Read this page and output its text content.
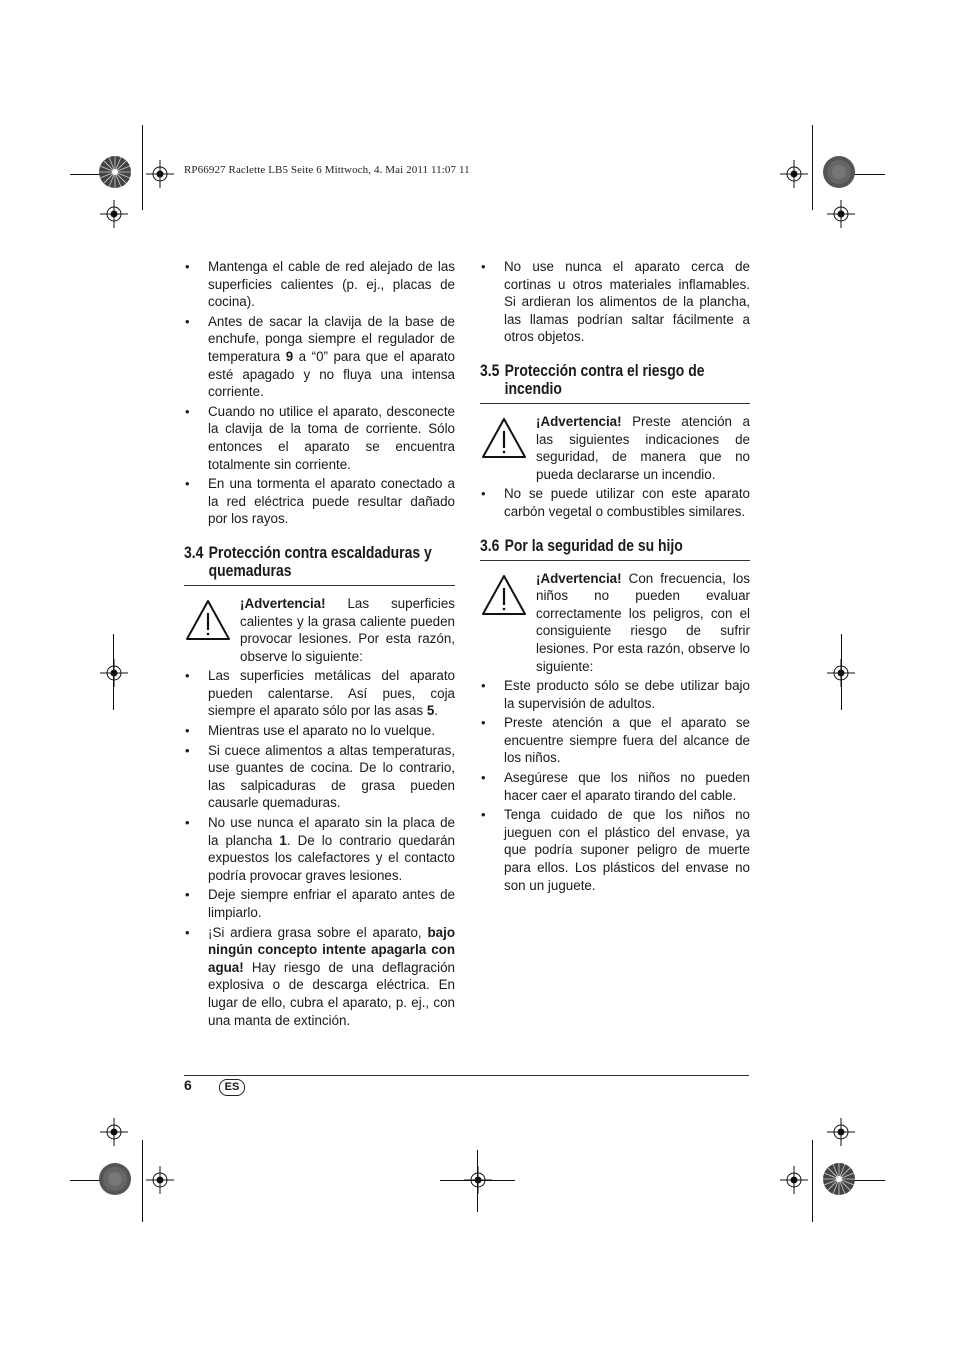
RP66927 Raclette LB5 Seite 6 Mittwoch, 4. Mai 2011 11:07 11
• Mantenga el cable de red alejado de las superficies calientes (p. ej., placas de cocina).
• Antes de sacar la clavija de la base de enchufe, ponga siempre el regulador de temperatura 9 a “0” para que el aparato esté apagado y no fluya una intensa corriente.
• Cuando no utilice el aparato, desconecte la clavija de la toma de corriente. Sólo entonces el aparato se encuentra totalmente sin corriente.
• En una tormenta el aparato conectado a la red eléctrica puede resultar dañado por los rayos.
3.4 Protección contra escaldaduras y
quemaduras

¡Advertencia! Las superficies calientes y la grasa caliente pueden provocar lesiones. Por esta razón, observe lo siguiente:

• Las superficies metálicas del aparato pueden calentarse. Así pues, coja siempre el aparato sólo por las asas 5.
• Mientras use el aparato no lo vuelque.
• Si cuece alimentos a altas temperaturas, use guantes de cocina. De lo contrario, las salpicaduras de grasa pueden causarle quemaduras.
• No use nunca el aparato sin la placa de la plancha 1. De lo contrario quedarán expuestos los calefactores y el contacto podría provocar graves lesiones.
• Deje siempre enfriar el aparato antes de limpiarlo.
• ¡Si ardiera grasa sobre el aparato, bajo ningún concepto intente apagarla con agua! Hay riesgo de una deflagración explosiva o de descarga eléctrica. En lugar de ello, cubra el aparato, p. ej., con una manta de extinción.
• No use nunca el aparato cerca de cortinas u otros materiales inflamables. Si ardieran los alimentos de la plancha, las llamas podrían saltar fácilmente a otros objetos.
3.5 Protección contra el riesgo de
incendio

¡Advertencia! Preste atención a las siguientes indicaciones de seguridad, de manera que no pueda declararse un incendio.

• No se puede utilizar con este aparato carbón vegetal o combustibles similares.
3.6 Por la seguridad de su hijo

¡Advertencia! Con frecuencia, los niños no pueden evaluar correctamente los peligros, con el consiguiente riesgo de sufrir lesiones. Por esta razón, observe lo siguiente:

• Este producto sólo se debe utilizar bajo la supervisión de adultos.
• Preste atención a que el aparato se encuentre siempre fuera del alcance de los niños.
• Asegúrese que los niños no pueden hacer caer el aparato tirando del cable.
• Tenga cuidado de que los niños no jueguen con el plástico del envase, ya que podría suponer peligro de muerte para ellos. Los plásticos del envase no son un juguete.
6	ES
